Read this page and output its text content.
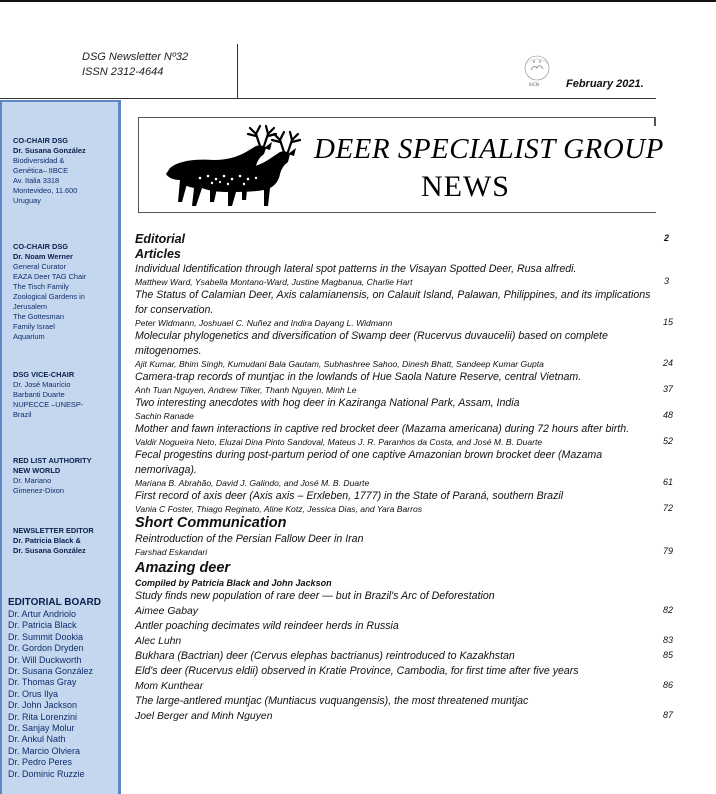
DSG Newsletter Nº32
ISSN 2312-4644
IUCN February 2021.
CO-CHAIR DSG
Dr. Susana González
Biodiversidad &
Genética– IIBCE
Av. Italia 3318
Montevideo, 11.600
Uruguay
CO-CHAIR DSG
Dr. Noam Werner
General Curator
EAZA Deer TAG Chair
The Tisch Family
Zoological Gardens in
Jerusalem
The Gottesman
Family Israel
Aquarium
DSG VICE-CHAIR
Dr. José Maurício
Barbanti Duarte
NUPECCE –UNESP-
Brazil
RED LIST AUTHORITY
NEW WORLD
Dr. Mariano
Gimenez-Dixon
NEWSLETTER EDITOR
Dr. Patricia Black &
Dr. Susana González
EDITORIAL BOARD
Dr. Artur Andriolo
Dr. Patricia Black
Dr. Summit Dookia
Dr. Gordon Dryden
Dr. Will Duckworth
Dr. Susana González
Dr. Thomas Gray
Dr. Orus Ilya
Dr. John Jackson
Dr. Rita Lorenzini
Dr. Sanjay Molur
Dr. Ankul Nath
Dr. Marcio Olviera
Dr. Pedro Peres
Dr. Dominic Ruzzie
DEER SPECIALIST GROUP
NEWS
Editorial	2
Articles
Individual Identification through lateral spot patterns in the Visayan Spotted Deer, Rusa alfredi.
Matthew Ward, Ysabella Montano-Ward, Justine Magbanua, Charlie Hart	3
The Status of Calamian Deer, Axis calamianensis, on Calauit Island, Palawan, Philippines, and its implications for conservation.
Peter Widmann, Joshuael C. Nuñez and Indira Dayang L. Widmann	15
Molecular phylogenetics and diversification of Swamp deer (Rucervus duvaucelii) based on complete mitogenomes.
Ajit Kumar, Bhim Singh, Kumudani Bala Gautam, Subhashree Sahoo, Dinesh Bhatt, Sandeep Kumar Gupta	24
Camera-trap records of muntjac in the lowlands of Hue Saola Nature Reserve, central Vietnam.
Anh Tuan Nguyen, Andrew Tilker, Thanh Nguyen, Minh Le	37
Two interesting anecdotes with hog deer in Kaziranga National Park, Assam, India
Sachin Ranade	48
Mother and fawn interactions in captive red brocket deer (Mazama americana) during 72 hours after birth.
Valdir Nogueira Neto, Eluzai Dina Pinto Sandoval, Mateus J. R. Paranhos da Costa, and José M. B. Duarte	52
Fecal progestins during post-partum period of one captive Amazonian brown brocket deer (Mazama nemorivaga).
Mariana B. Abrahão, David J. Galindo, and José M. B. Duarte	61
First record of axis deer (Axis axis – Erxleben, 1777) in the State of Paraná, southern Brazil
Vania C Foster, Thiago Reginato, Aline Kotz, Jessica Dias, and Yara Barros	72
Short Communication
Reintroduction of the Persian Fallow Deer in Iran
Farshad Eskandari	79
Amazing deer
Compiled by Patricia Black and John Jackson
Study finds new population of rare deer — but in Brazil's Arc of Deforestation
Aimee Gabay	82
Antler poaching decimates wild reindeer herds in Russia
Alec Luhn	83
Bukhara (Bactrian) deer (Cervus elephas bactrianus) reintroduced to Kazakhstan	85
Eld's deer (Rucervus eldii) observed in Kratie Province, Cambodia, for first time after five years
Mom Kunthear	86
The large-antlered muntjac (Muntiacus vuquangensis), the most threatened muntjac
Joel Berger and Minh Nguyen	87
